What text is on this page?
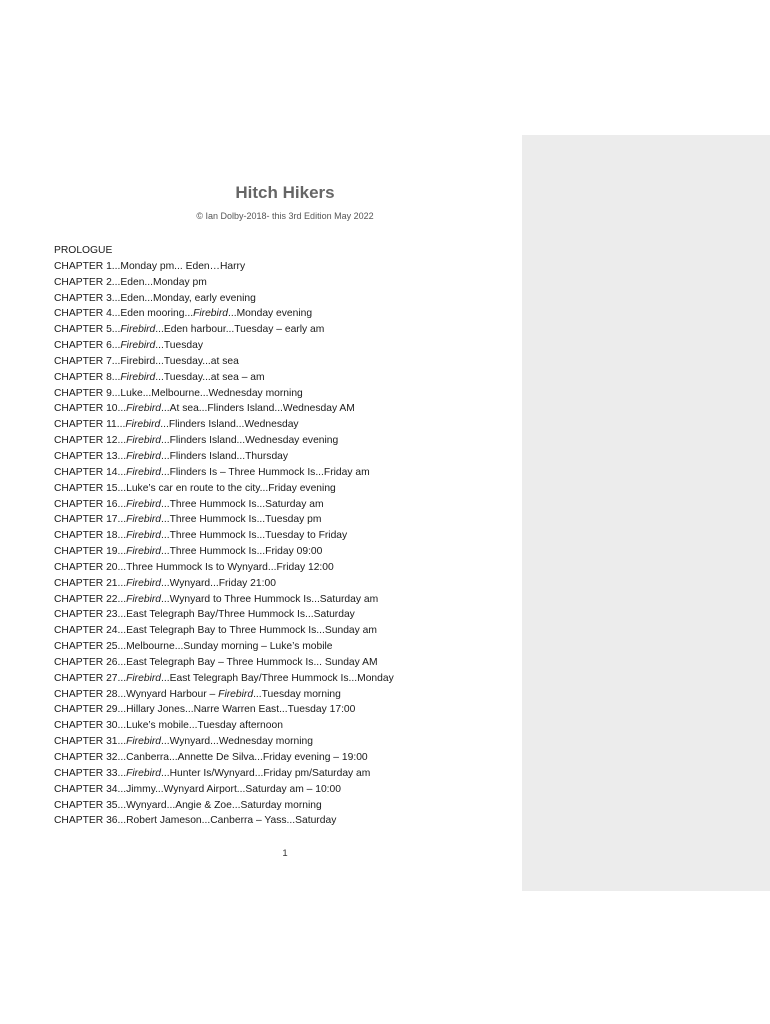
Hitch Hikers
© Ian Dolby-2018- this 3rd Edition May 2022
PROLOGUE
CHAPTER 1...Monday pm... Eden…Harry
CHAPTER 2...Eden...Monday pm
CHAPTER 3...Eden...Monday, early evening
CHAPTER 4...Eden mooring...Firebird...Monday evening
CHAPTER 5...Firebird...Eden harbour...Tuesday – early am
CHAPTER 6...Firebird...Tuesday
CHAPTER 7...Firebird...Tuesday...at sea
CHAPTER 8...Firebird...Tuesday...at sea – am
CHAPTER 9...Luke...Melbourne...Wednesday morning
CHAPTER 10...Firebird...At sea...Flinders Island...Wednesday AM
CHAPTER 11...Firebird...Flinders Island...Wednesday
CHAPTER 12...Firebird...Flinders Island...Wednesday evening
CHAPTER 13...Firebird...Flinders Island...Thursday
CHAPTER 14...Firebird...Flinders Is – Three Hummock Is...Friday am
CHAPTER 15...Luke’s car en route to the city...Friday evening
CHAPTER 16...Firebird...Three Hummock Is...Saturday am
CHAPTER 17...Firebird...Three Hummock Is...Tuesday pm
CHAPTER 18...Firebird...Three Hummock Is...Tuesday to Friday
CHAPTER 19...Firebird...Three Hummock Is...Friday 09:00
CHAPTER 20...Three Hummock Is to Wynyard...Friday 12:00
CHAPTER 21...Firebird...Wynyard...Friday 21:00
CHAPTER 22...Firebird...Wynyard to Three Hummock Is...Saturday am
CHAPTER 23...East Telegraph Bay/Three Hummock Is...Saturday
CHAPTER 24...East Telegraph Bay to Three Hummock Is...Sunday am
CHAPTER 25...Melbourne...Sunday morning – Luke’s mobile
CHAPTER 26...East Telegraph Bay – Three Hummock Is... Sunday AM
CHAPTER 27...Firebird...East Telegraph Bay/Three Hummock Is...Monday
CHAPTER 28...Wynyard Harbour – Firebird...Tuesday morning
CHAPTER 29...Hillary Jones...Narre Warren East...Tuesday 17:00
CHAPTER 30...Luke’s mobile...Tuesday afternoon
CHAPTER 31...Firebird...Wynyard...Wednesday morning
CHAPTER 32...Canberra...Annette De Silva...Friday evening – 19:00
CHAPTER 33...Firebird...Hunter Is/Wynyard...Friday pm/Saturday am
CHAPTER 34...Jimmy...Wynyard Airport...Saturday am – 10:00
CHAPTER 35...Wynyard...Angie & Zoe...Saturday morning
CHAPTER 36...Robert Jameson...Canberra – Yass...Saturday
1
